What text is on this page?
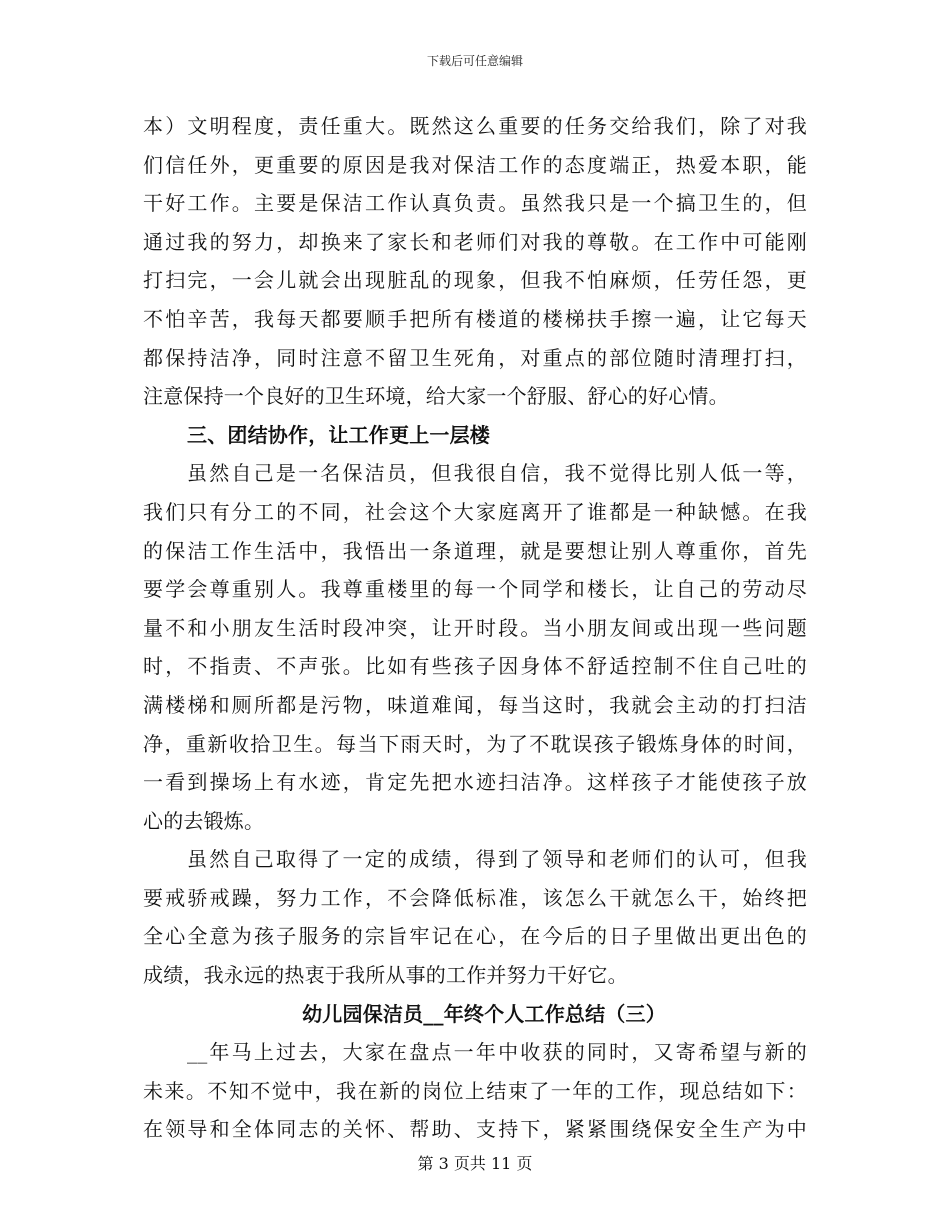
下载后可任意编辑
本）文明程度，责任重大。既然这么重要的任务交给我们，除了对我
们信任外，更重要的原因是我对保洁工作的态度端正，热爱本职，能
干好工作。主要是保洁工作认真负责。虽然我只是一个搞卫生的，但
通过我的努力，却换来了家长和老师们对我的尊敬。在工作中可能刚
打扫完，一会儿就会出现脏乱的现象，但我不怕麻烦，任劳任怨，更
不怕辛苦，我每天都要顺手把所有楼道的楼梯扶手擦一遍，让它每天
都保持洁净，同时注意不留卫生死角，对重点的部位随时清理打扫，
注意保持一个良好的卫生环境，给大家一个舒服、舒心的好心情。
三、团结协作，让工作更上一层楼
虽然自己是一名保洁员，但我很自信，我不觉得比别人低一等，
我们只有分工的不同，社会这个大家庭离开了谁都是一种缺憾。在我
的保洁工作生活中，我悟出一条道理，就是要想让别人尊重你，首先
要学会尊重别人。我尊重楼里的每一个同学和楼长，让自己的劳动尽
量不和小朋友生活时段冲突，让开时段。当小朋友间或出现一些问题
时，不指责、不声张。比如有些孩子因身体不舒适控制不住自己吐的
满楼梯和厕所都是污物，味道难闻，每当这时，我就会主动的打扫洁
净，重新收拾卫生。每当下雨天时，为了不耽误孩子锻炼身体的时间，
一看到操场上有水迹，肯定先把水迹扫洁净。这样孩子才能使孩子放
心的去锻炼。
虽然自己取得了一定的成绩，得到了领导和老师们的认可，但我
要戒骄戒躁，努力工作，不会降低标准，该怎么干就怎么干，始终把
全心全意为孩子服务的宗旨牢记在心，在今后的日子里做出更出色的
成绩，我永远的热衷于我所从事的工作并努力干好它。
幼儿园保洁员__年终个人工作总结（三）
__年马上过去，大家在盘点一年中收获的同时，又寄希望与新的
未来。不知不觉中，我在新的岗位上结束了一年的工作，现总结如下：
在领导和全体同志的关怀、帮助、支持下，紧紧围绕保安全生产为中
第 3 页共 11 页
